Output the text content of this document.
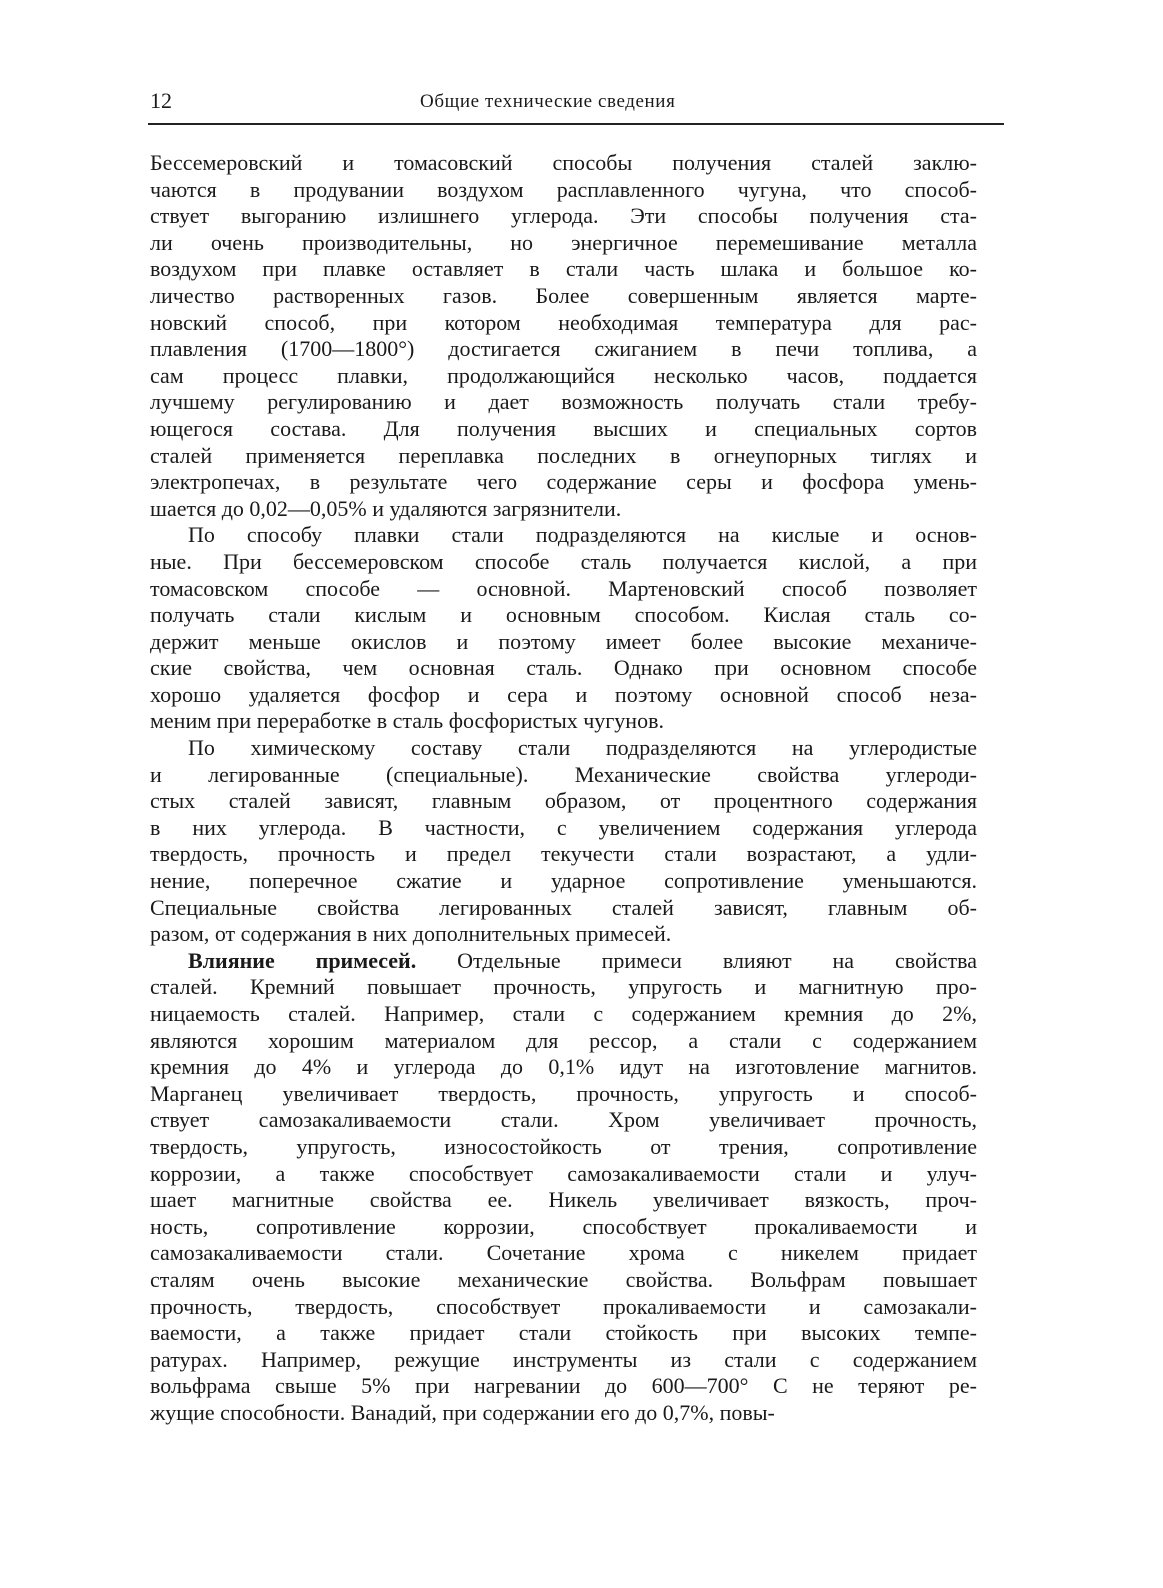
12	Общие технические сведения
Бессемеровский и томасовский способы получения сталей заклю-
чаются в продувании воздухом расплавленного чугуна, что способ-
ствует выгоранию излишнего углерода. Эти способы получения ста-
ли очень производительны, но энергичное перемешивание металла
воздухом при плавке оставляет в стали часть шлака и большое ко-
личество растворенных газов. Более совершенным является марте-
новский способ, при котором необходимая температура для рас-
плавления (1700—1800°) достигается сжиганием в печи топлива, а
сам процесс плавки, продолжающийся несколько часов, поддается
лучшему регулированию и дает возможность получать стали требу-
ющегося состава. Для получения высших и специальных сортов
сталей применяется переплавка последних в огнеупорных тиглях и
электропечах, в результате чего содержание серы и фосфора умень-
шается до 0,02—0,05% и удаляются загрязнители.
По способу плавки стали подразделяются на кислые и основ-
ные. При бессемеровском способе сталь получается кислой, а при
томасовском способе — основной. Мартеновский способ позволяет
получать стали кислым и основным способом. Кислая сталь со-
держит меньше окислов и поэтому имеет более высокие механиче-
ские свойства, чем основная сталь. Однако при основном способе
хорошо удаляется фосфор и сера и поэтому основной способ неза-
меним при переработке в сталь фосфористых чугунов.
По химическому составу стали подразделяются на углеродистые
и легированные (специальные). Механические свойства углероди-
стых сталей зависят, главным образом, от процентного содержания
в них углерода. В частности, с увеличением содержания углерода
твердость, прочность и предел текучести стали возрастают, а удли-
нение, поперечное сжатие и ударное сопротивление уменьшаются.
Специальные свойства легированных сталей зависят, главным об-
разом, от содержания в них дополнительных примесей.
Влияние примесей. Отдельные примеси влияют на свойства
сталей. Кремний повышает прочность, упругость и магнитную про-
ницаемость сталей. Например, стали с содержанием кремния до 2%,
являются хорошим материалом для рессор, а стали с содержанием
кремния до 4% и углерода до 0,1% идут на изготовление магнитов.
Марганец увеличивает твердость, прочность, упругость и способ-
ствует самозакаливаемости стали. Хром увеличивает прочность,
твердость, упругость, износостойкость от трения, сопротивление
коррозии, а также способствует самозакаливаемости стали и улуч-
шает магнитные свойства ее. Никель увеличивает вязкость, проч-
ность, сопротивление коррозии, способствует прокаливаемости и
самозакаливаемости стали. Сочетание хрома с никелем придает
сталям очень высокие механические свойства. Вольфрам повышает
прочность, твердость, способствует прокаливаемости и самозакали-
ваемости, а также придает стали стойкость при высоких темпе-
ратурах. Например, режущие инструменты из стали с содержанием
вольфрама свыше 5% при нагревании до 600—700° С не теряют ре-
жущие способности. Ванадий, при содержании его до 0,7%, повы-
